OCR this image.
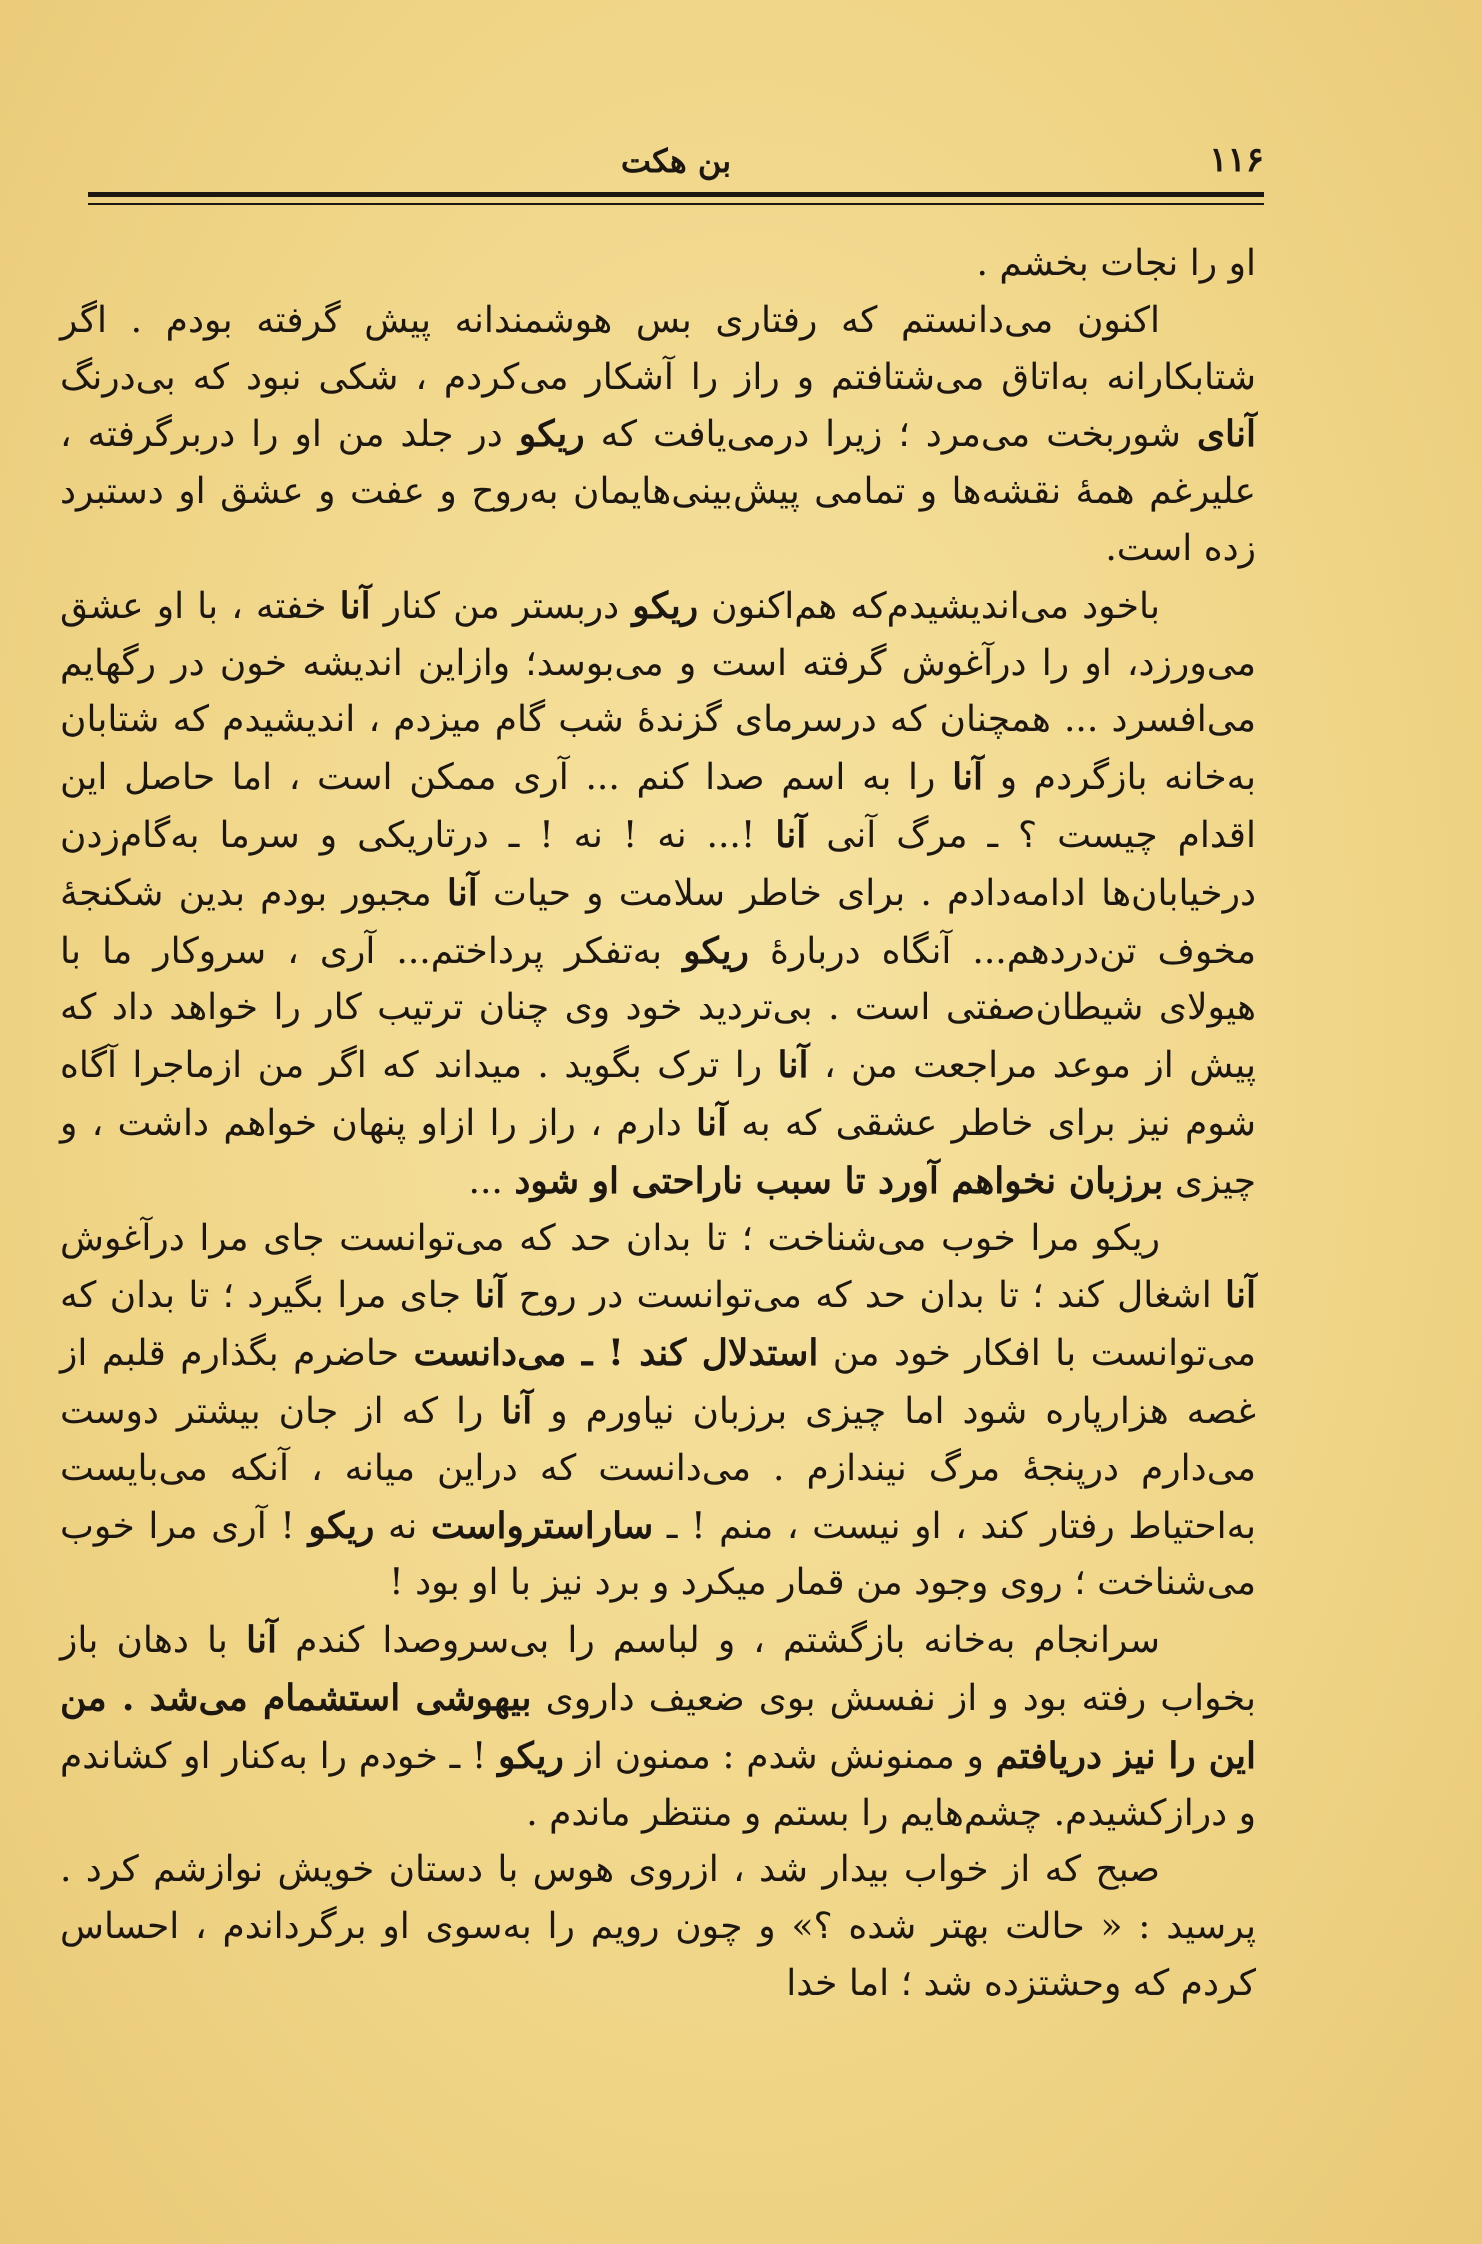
۱۱۶
بن هکت

او را نجات بخشم .

اکنون می‌دانستم که رفتاری بس هوشمندانه پیش گرفته بودم . اگر شتابکارانه به‌اتاق می‌شتافتم و راز را آشکار می‌کردم ، شکی نبود که بی‌درنگ آنای شوربخت می‌مرد ؛ زیرا درمی‌یافت که ریکو در جلد من او را دربرگرفته ، علیرغم همهٔ نقشه‌ها و تمامی پیش‌بینی‌هایمان به‌روح و عفت و عشق او دستبرد زده است.

باخود می‌اندیشیدم‌که هم‌اکنون ریکو دربستر من کنار آنا خفته ، با او عشق می‌ورزد، او را درآغوش گرفته است و می‌بوسد؛ وازاین اندیشه خون در رگهایم می‌افسرد ... همچنان که درسرمای گزندهٔ شب گام میزدم ، اندیشیدم که شتابان به‌خانه بازگردم و آنا را به اسم صدا کنم ... آری ممکن است ، اما حاصل این اقدام چیست ؟ ـ مرگ آنی آنا !... نه ! نه ! ـ درتاریکی و سرما به‌گام‌زدن درخیابان‌ها ادامه‌دادم . برای خاطر سلامت و حیات آنا مجبور بودم بدین شکنجهٔ مخوف تن‌دردهم... آنگاه دربارهٔ ریکو به‌تفکر پرداختم... آری ، سروکار ما با هیولای شیطان‌صفتی است . بی‌تردید خود وی چنان ترتیب کار را خواهد داد که پیش از موعد مراجعت من ، آنا را ترک بگوید . میداند که اگر من ازماجرا آگاه شوم نیز برای خاطر عشقی که به آنا دارم ، راز را ازاو پنهان خواهم داشت ، و چیزی برزبان نخواهم آورد تا سبب ناراحتی او شود ...

ریکو مرا خوب می‌شناخت ؛ تا بدان حد که می‌توانست جای مرا درآغوش آنا اشغال کند ؛ تا بدان حد که می‌توانست در روح آنا جای مرا بگیرد ؛ تا بدان که می‌توانست با افکار خود من استدلال کند ! ـ می‌دانست حاضرم بگذارم قلبم از غصه هزارپاره شود اما چیزی برزبان نیاورم و آنا را که از جان بیشتر دوست می‌دارم درپنجهٔ مرگ نیندازم . می‌دانست که دراین میانه ، آنکه می‌بایست به‌احتیاط رفتار کند ، او نیست ، منم ! ـ ساراسترواست نه ریکو ! آری مرا خوب می‌شناخت ؛ روی وجود من قمار میکرد و برد نیز با او بود !

سرانجام به‌خانه بازگشتم ، و لباسم را بی‌سروصدا کندم آنا با دهان باز بخواب رفته بود و از نفسش بوی ضعیف داروی بیهوشی استشمام می‌شد . من این را نیز دریافتم و ممنونش شدم : ممنون از ریکو ! ـ خودم را به‌کنار او کشاندم و درازکشیدم. چشم‌هایم را بستم و منتظر ماندم .

صبح که از خواب بیدار شد ، ازروی هوس با دستان خویش نوازشم کرد . پرسید : « حالت بهتر شده ؟» و چون رویم را به‌سوی او برگرداندم ، احساس کردم که وحشتزده شد ؛ اما خدا
